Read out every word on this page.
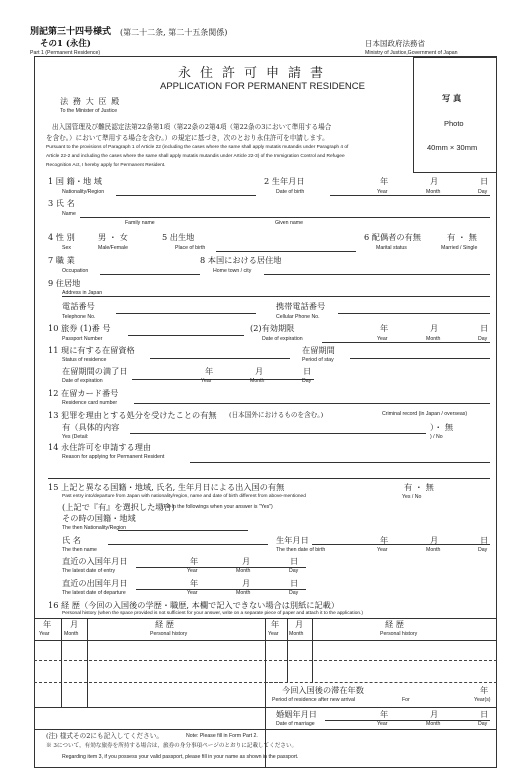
別記第三十四号様式 (第二十二条, 第二十五条関係)
その1 (永住)
Part 1 (Permanent Residence)
日本国政府法務省
Ministry of Justice,Government of Japan
写 真
Photo
40mm × 30mm
永住許可申請書
APPLICATION FOR PERMANENT RESIDENCE
法 務 大 臣 殿
To the Minister of Justice
出入国管理及び難民認定法第22条第1項（第22条の2第4項（第22条の3において準用する場合
を含む。）において準用する場合を含む。）の規定に基づき，次のとおり永住許可を申請します。
Pursuant to the provisions of Paragraph 1 of Article 22 (including the cases where the same shall apply mutatis mutandis under Paragraph 4 of
Article 22-2 and including the cases where the same shall apply mutatis mutandis under Article 22-3) of the Immigration Control and Refugee
Recognition Act, I hereby apply for Permanent Resident.
1 国 籍・地 域
Nationality/Region
2 生年月日
Date of birth
年	月	日
Year	Month	Day
3 氏 名
Name
Family name	Given name
4 性 別
Sex
男 ・ 女
Male/Female
5 出生地
Place of birth
6 配偶者の有無
Marital status
有 ・ 無
Married / Single
7 職 業
Occupation
8 本国における居住地
Home town / city
9 住居地
Address in Japan
電話番号
Telephone No.
携帯電話番号
Cellular Phone No.
10 旅券 (1)番 号
Passport Number
(2)有効期限
Date of expiration
年	月	日
Year	Month	Day
11 現に有する在留資格
Status of residence
在留期間
Period of stay
在留期間の満了日
Date of expiration
年	月	日
Year	Month	Day
12 在留カード番号
Residence card number
13 犯罪を理由とする処分を受けたことの有無 (日本国外におけるものを含む。)	Criminal record (in Japan / overseas)
有（具体的内容
Yes (Detail:
）・ 無
) / No
14 永住許可を申請する理由
Reason for applying for Permanent Resident
15 上記と異なる国籍・地域, 氏名, 生年月日による出入国の有無
Past entry into/departure from Japan with nationality/region, name and date of birth different from above-mentioned
有 ・ 無
Yes / No
(上記で『有』を選択した場合)
(Fill in the followings when your answer is "Yes")
その時の国籍・地域
The then Nationality/Region
氏 名
The then name
生年月日
The then date of birth
年	月	日
Year	Month	Day
直近の入国年月日
The latest date of entry
年	月	日
Year	Month	Day
直近の出国年月日
The latest date of departure
年	月	日
Year	Month	Day
16 経 歴（今回の入国後の学歴・職歴, 本欄で記入できない場合は別紙に記載）
Personal history (when the space provided is not sufficient for your answer, write on a separate piece of paper and attach it to the application.)
年
Year
月
Month
経 歴
Personal history
年
Year
月
Month
経 歴
Personal history
今回入国後の滞在年数
Period of residence after new arrival	For
年
Year(s)
婚姻年月日
Date of marriage
年	月	日
Year	Month	Day
(注) 様式その2にも記入してください。	Note: Please fill in Form Part 2.
※ 3について，有効な旅券を所持する場合は，旅券の身分事項ページのとおりに記載してください。
Regarding item 3, if you possess your valid passport, please fill in your name as shown in the passport.
